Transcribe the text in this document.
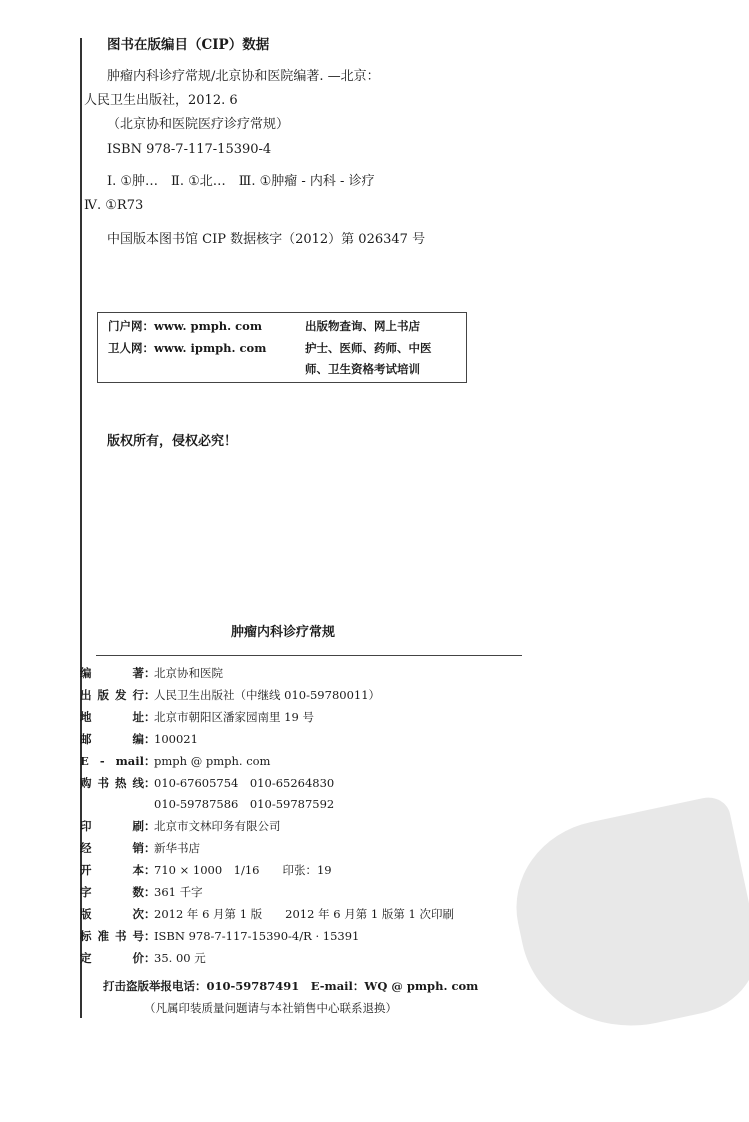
图书在版编目（CIP）数据
肿瘤内科诊疗常规/北京协和医院编著. —北京：
人民卫生出版社，2012. 6
（北京协和医院医疗诊疗常规）
ISBN 978-7-117-15390-4
Ⅰ. ①肿…　Ⅱ. ①北…　Ⅲ. ①肿瘤 - 内科 - 诊疗
Ⅳ. ①R73
中国版本图书馆 CIP 数据核字（2012）第 026347 号
门户网：www. pmph. com	出版物查询、网上书店
卫人网：www. ipmph. com	护士、医师、药师、中医
师、卫生资格考试培训
版权所有，侵权必究！
肿瘤内科诊疗常规
编著 ：
北京协和医院
出版发行 ：
人民卫生出版社（中继线 010-59780011）
地址 ：
北京市朝阳区潘家园南里 19 号
邮编 ：
100021
E - mail ：
pmph @ pmph. com
购书热线 ：
010-67605754　010-65264830
010-59787586　010-59787592
印刷 ：
北京市文林印务有限公司
经销 ：
新华书店
开本 ：
710 × 1000　1/16　　印张：19
字数 ：
361 千字
版次 ：
2012 年 6 月第 1 版　　2012 年 6 月第 1 版第 1 次印刷
标准书号 ：
ISBN 978-7-117-15390-4/R · 15391
定价 ：
35. 00 元
打击盗版举报电话：010-59787491　E-mail：WQ @ pmph. com
（凡属印装质量问题请与本社销售中心联系退换）
